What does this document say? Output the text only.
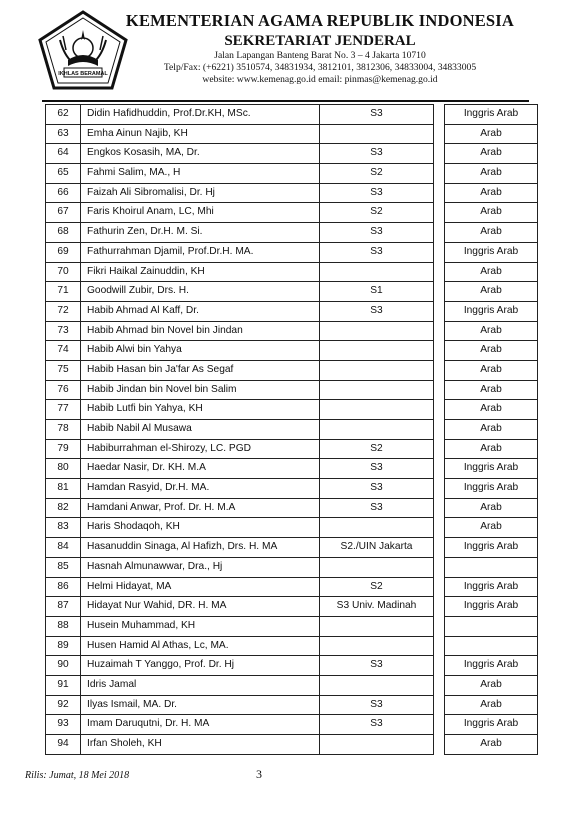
IKHLAS BERAMAL
KEMENTERIAN AGAMA REPUBLIK INDONESIA
SEKRETARIAT JENDERAL
Jalan Lapangan Banteng Barat No. 3 – 4 Jakarta 10710
Telp/Fax: (+6221) 3510574, 34831934, 3812101, 3812306, 34833004, 34833005
website: www.kemenag.go.id email: pinmas@kemenag.go.id
62	Didin Hafidhuddin, Prof.Dr.KH, MSc.	S3		Inggris Arab
63	Emha Ainun Najib, KH			Arab
64	Engkos Kosasih, MA, Dr.	S3		Arab
65	Fahmi Salim, MA., H	S2		Arab
66	Faizah Ali Sibromalisi, Dr. Hj	S3		Arab
67	Faris Khoirul Anam, LC, Mhi	S2		Arab
68	Fathurin Zen, Dr.H. M. Si.	S3		Arab
69	Fathurrahman Djamil, Prof.Dr.H. MA.	S3		Inggris Arab
70	Fikri Haikal Zainuddin, KH			Arab
71	Goodwill Zubir, Drs. H.	S1		Arab
72	Habib Ahmad Al Kaff, Dr.	S3		Inggris Arab
73	Habib Ahmad bin Novel bin Jindan			Arab
74	Habib Alwi bin Yahya			Arab
75	Habib Hasan bin Ja'far As Segaf			Arab
76	Habib Jindan bin Novel bin Salim			Arab
77	Habib Lutfi bin Yahya, KH			Arab
78	Habib Nabil Al Musawa			Arab
79	Habiburrahman el-Shirozy, LC. PGD	S2		Arab
80	Haedar Nasir, Dr. KH. M.A	S3		Inggris Arab
81	Hamdan Rasyid, Dr.H. MA.	S3		Inggris Arab
82	Hamdani Anwar, Prof. Dr. H. M.A	S3		Arab
83	Haris Shodaqoh, KH			Arab
84	Hasanuddin Sinaga, Al Hafizh, Drs. H. MA	S2./UIN Jakarta		Inggris Arab
85	Hasnah Almunawwar, Dra., Hj			
86	Helmi Hidayat, MA	S2		Inggris Arab
87	Hidayat Nur Wahid, DR. H. MA	S3 Univ. Madinah		Inggris Arab
88	Husein Muhammad, KH			
89	Husen Hamid Al Athas, Lc, MA.			
90	Huzaimah T Yanggo, Prof. Dr. Hj	S3		Inggris Arab
91	Idris Jamal			Arab
92	Ilyas Ismail, MA. Dr.	S3		Arab
93	Imam Daruqutni, Dr. H. MA	S3		Inggris Arab
94	Irfan Sholeh, KH			Arab
Rilis: Jumat, 18 Mei 2018	3
